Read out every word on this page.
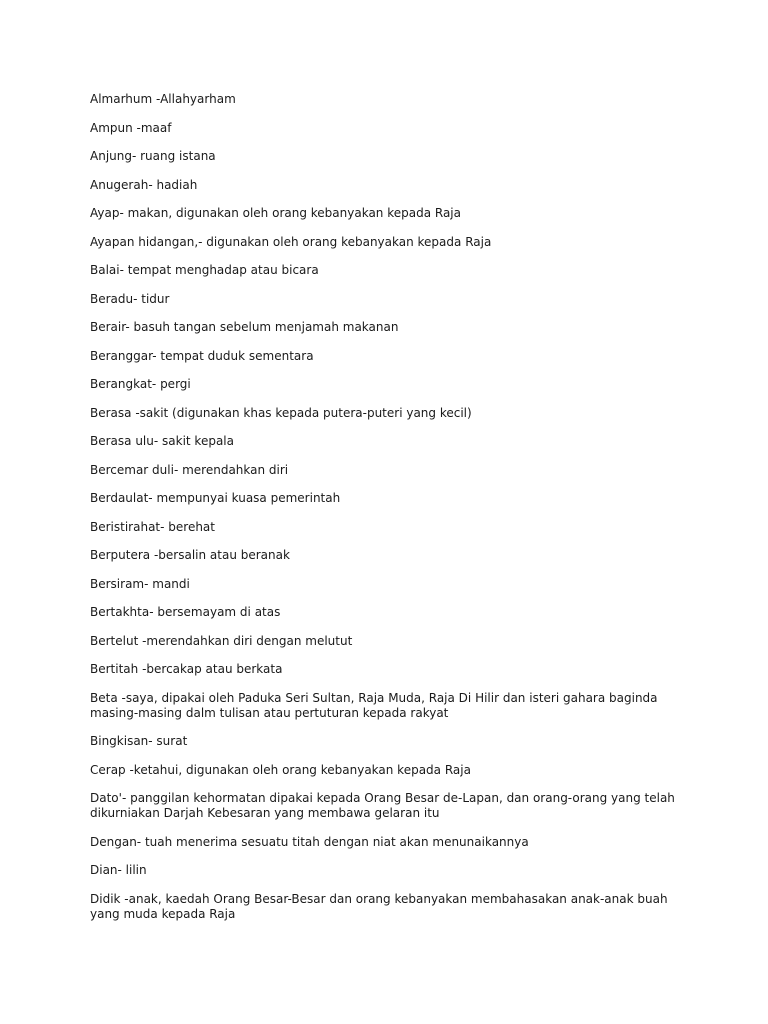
Almarhum -Allahyarham
Ampun -maaf
Anjung- ruang istana
Anugerah- hadiah
Ayap- makan, digunakan oleh orang kebanyakan kepada Raja
Ayapan hidangan,- digunakan oleh orang kebanyakan kepada Raja
Balai- tempat menghadap atau bicara
Beradu- tidur
Berair- basuh tangan sebelum menjamah makanan
Beranggar- tempat duduk sementara
Berangkat- pergi
Berasa -sakit (digunakan khas kepada putera-puteri yang kecil)
Berasa ulu- sakit kepala
Bercemar duli- merendahkan diri
Berdaulat- mempunyai kuasa pemerintah
Beristirahat- berehat
Berputera -bersalin atau beranak
Bersiram- mandi
Bertakhta- bersemayam di atas
Bertelut -merendahkan diri dengan melutut
Bertitah -bercakap atau berkata
Beta -saya, dipakai oleh Paduka Seri Sultan, Raja Muda, Raja Di Hilir dan isteri gahara baginda masing-masing dalm tulisan atau pertuturan kepada rakyat
Bingkisan- surat
Cerap -ketahui, digunakan oleh orang kebanyakan kepada Raja
Dato'- panggilan kehormatan dipakai kepada Orang Besar de-Lapan, dan orang-orang yang telah dikurniakan Darjah Kebesaran yang membawa gelaran itu
Dengan- tuah menerima sesuatu titah dengan niat akan menunaikannya
Dian- lilin
Didik -anak, kaedah Orang Besar-Besar dan orang kebanyakan membahasakan anak-anak buah yang muda kepada Raja
